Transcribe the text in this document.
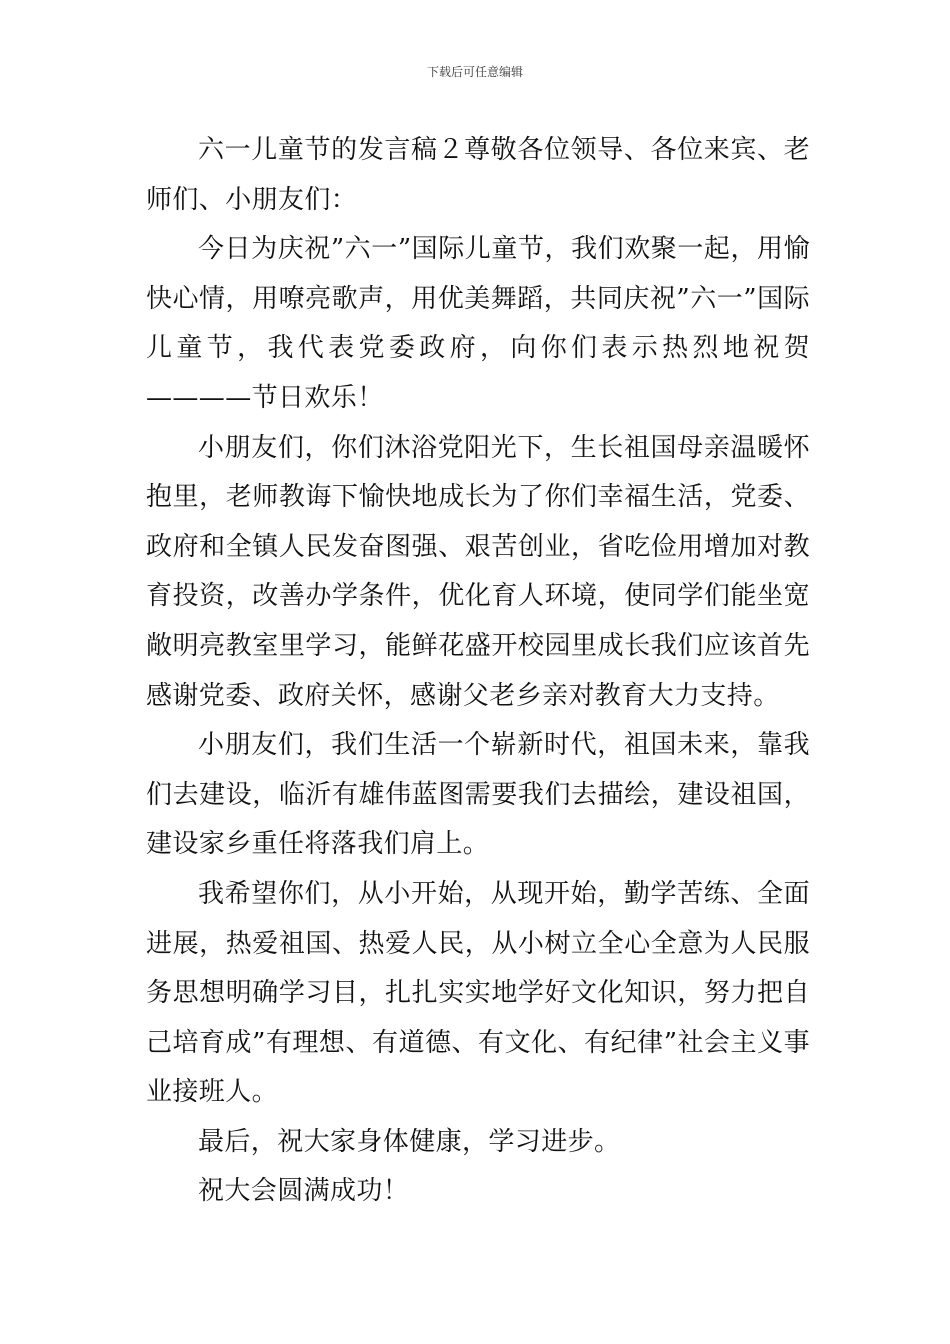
下载后可任意编辑

六一儿童节的发言稿２尊敬各位领导、各位来宾、老师们、小朋友们：

今日为庆祝”六一”国际儿童节，我们欢聚一起，用愉快心情，用嘹亮歌声，用优美舞蹈，共同庆祝”六一”国际儿童节，我代表党委政府，向你们表示热烈地祝贺————节日欢乐！

小朋友们，你们沐浴党阳光下，生长祖国母亲温暖怀抱里，老师教诲下愉快地成长为了你们幸福生活，党委、政府和全镇人民发奋图强、艰苦创业，省吃俭用增加对教育投资，改善办学条件，优化育人环境，使同学们能坐宽敞明亮教室里学习，能鲜花盛开校园里成长我们应该首先感谢党委、政府关怀，感谢父老乡亲对教育大力支持。

小朋友们，我们生活一个崭新时代，祖国未来，靠我们去建设，临沂有雄伟蓝图需要我们去描绘，建设祖国，建设家乡重任将落我们肩上。

我希望你们，从小开始，从现开始，勤学苦练、全面进展，热爱祖国、热爱人民，从小树立全心全意为人民服务思想明确学习目，扎扎实实地学好文化知识，努力把自己培育成”有理想、有道德、有文化、有纪律”社会主义事业接班人。

最后，祝大家身体健康，学习进步。

祝大会圆满成功！
